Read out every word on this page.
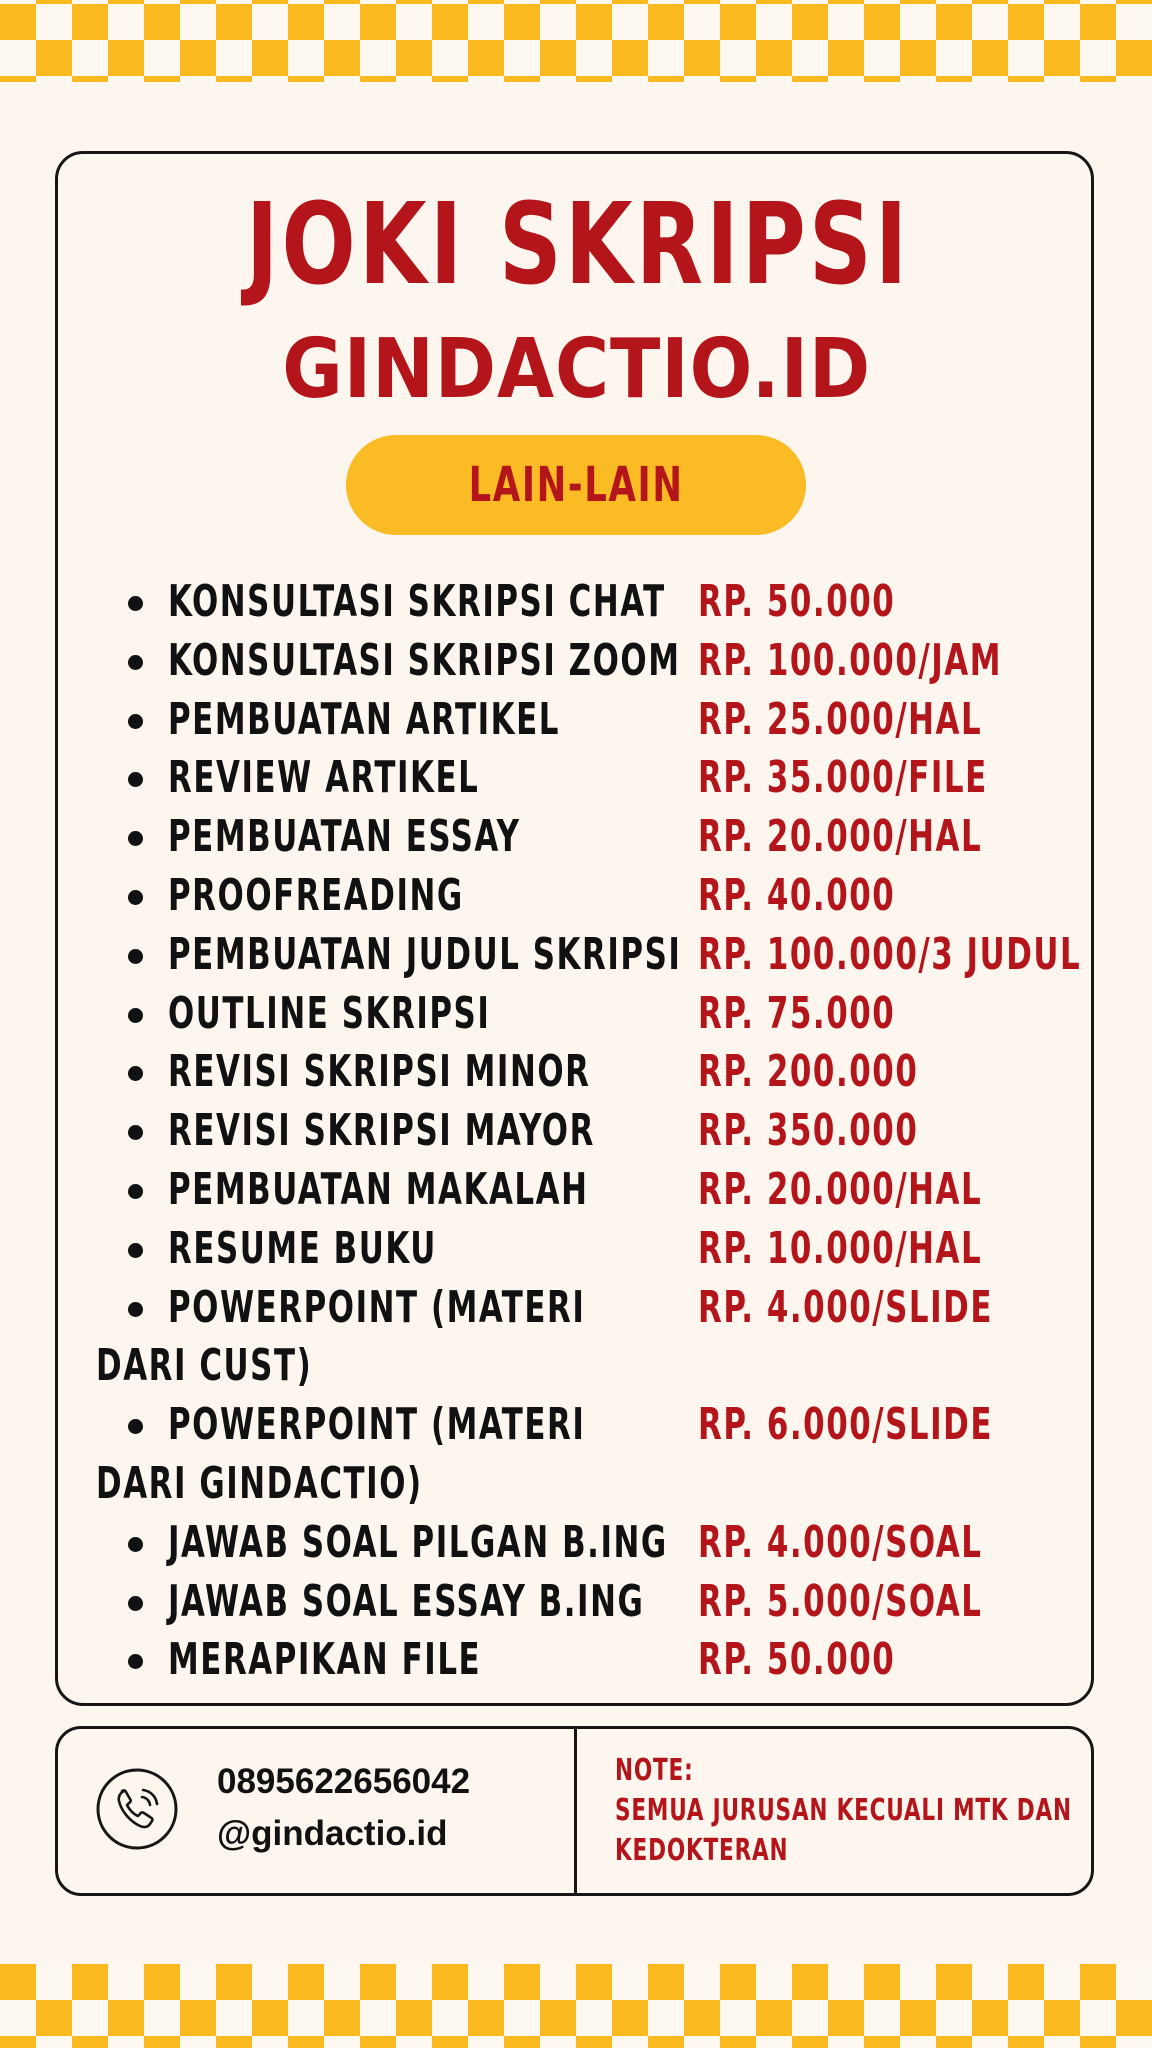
JOKI SKRIPSI
GINDACTIO.ID
LAIN-LAIN
KONSULTASI SKRIPSI CHAT RP. 50.000
KONSULTASI SKRIPSI ZOOM RP. 100.000/JAM
PEMBUATAN ARTIKEL	RP. 25.000/HAL
REVIEW ARTIKEL	RP. 35.000/FILE
PEMBUATAN ESSAY	RP. 20.000/HAL
PROOFREADING	RP. 40.000
PEMBUATAN JUDUL SKRIPSI RP. 100.000/3 JUDUL
OUTLINE SKRIPSI	RP. 75.000
REVISI SKRIPSI MINOR RP. 200.000
REVISI SKRIPSI MAYOR RP. 350.000
PEMBUATAN MAKALAH RP. 20.000/HAL
RESUME BUKU	RP. 10.000/HAL
POWERPOINT (MATERI	RP. 4.000/SLIDE
DARI CUST)
POWERPOINT (MATERI	RP. 6.000/SLIDE
DARI GINDACTIO)
JAWAB SOAL PILGAN B.ING RP. 4.000/SOAL
JAWAB SOAL ESSAY B.ING RP. 5.000/SOAL
MERAPIKAN FILE	RP. 50.000
0895622656042
@gindactio.id
NOTE:
SEMUA JURUSAN KECUALI MTK DAN
KEDOKTERAN
